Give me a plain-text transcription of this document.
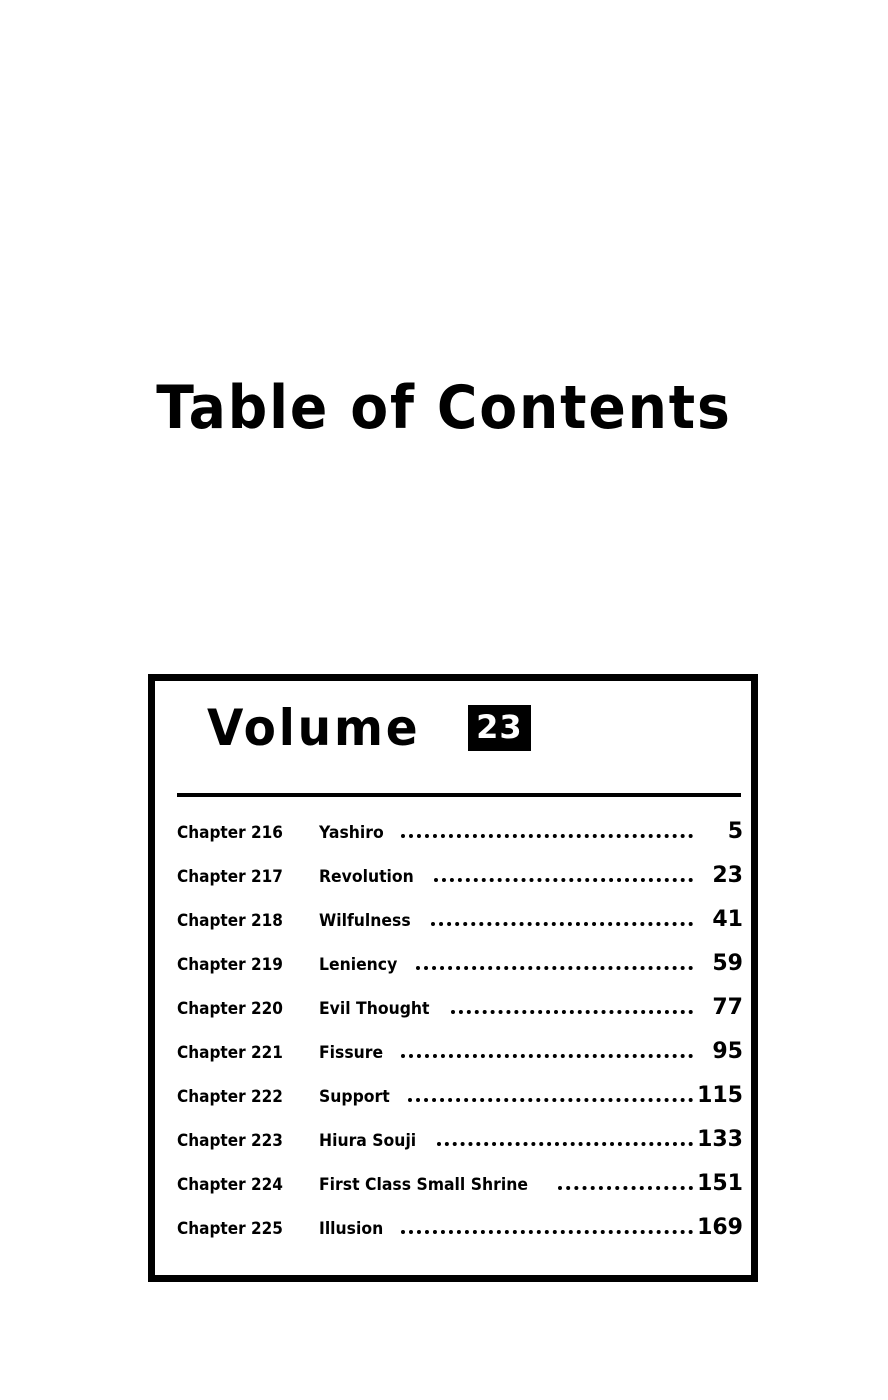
Table of Contents
Volume 23
Chapter 216	Yashiro	5
Chapter 217	Revolution	23
Chapter 218	Wilfulness	41
Chapter 219	Leniency	59
Chapter 220	Evil Thought	77
Chapter 221	Fissure	95
Chapter 222	Support	115
Chapter 223	Hiura Souji	133
Chapter 224	First Class Small Shrine	151
Chapter 225	Illusion	169
